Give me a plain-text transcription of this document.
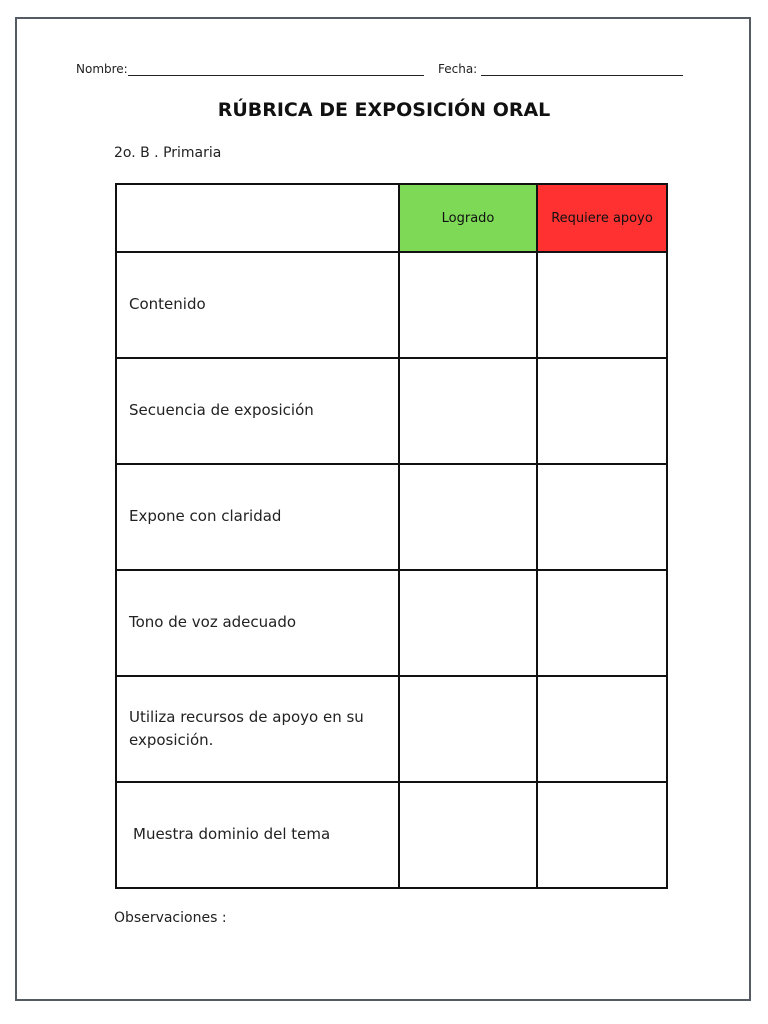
Nombre:	Fecha:
RÚBRICA DE EXPOSICIÓN ORAL
2o. B . Primaria
	Logrado	Requiere apoyo
Contenido		
Secuencia de exposición		
Expone con claridad		
Tono de voz adecuado		
Utiliza recursos de apoyo en su exposición.		
Muestra dominio del tema		
Observaciones :
